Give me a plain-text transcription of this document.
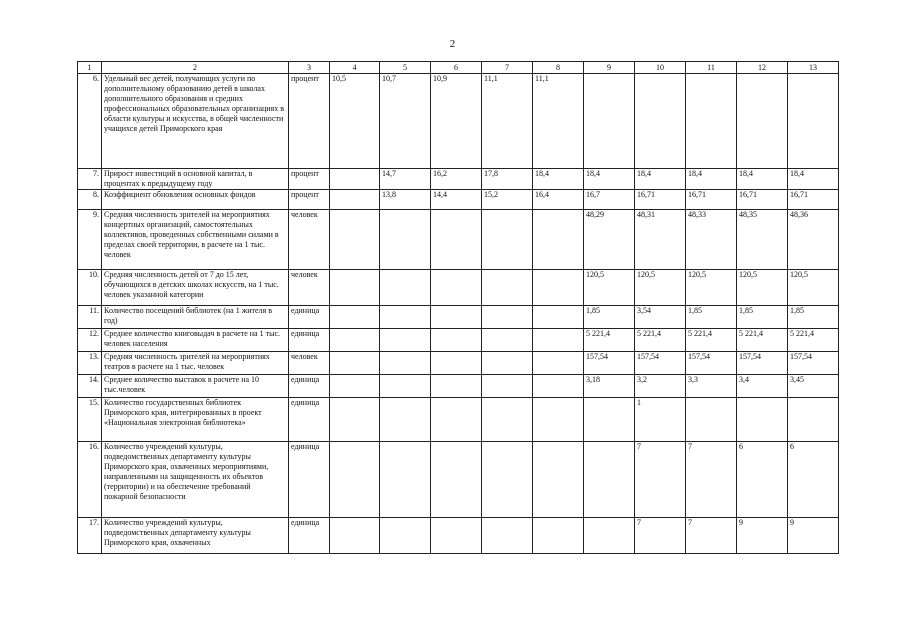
2
1	2	3	4	5	6	7	8	9	10	11	12	13
6.	Удельный вес детей, получающих услуги по дополнительному образованию детей в школах дополнительного образования и средних профессиональных образовательных организациях в области культуры и искусства, в общей численности учащихся детей Приморского края	процент	10,5	10,7	10,9	11,1	11,1					
7.	Прирост инвестиций в основной капитал, в процентах к предыдущему году	процент		14,7	16,2	17,8	18,4	18,4	18,4	18,4	18,4	18,4
8.	Коэффициент обновления основных фондов	процент		13,8	14,4	15,2	16,4	16,7	16,71	16,71	16,71	16,71
9.	Средняя численность зрителей на мероприятиях концертных организаций, самостоятельных коллективов, проведенных собственными силами в пределах своей территории, в расчете на 1 тыс. человек	человек						48,29	48,31	48,33	48,35	48,36
10.	Средняя численность детей от 7 до 15 лет, обучающихся в детских школах искусств, на 1 тыс. человек указанной категории	человек						120,5	120,5	120,5	120,5	120,5
11.	Количество посещений библиотек (на 1 жителя в год)	единица						1,85	3,54	1,85	1,85	1,85
12.	Среднее количество книговыдач в расчете на 1 тыс. человек населения	единица						5 221,4	5 221,4	5 221,4	5 221,4	5 221,4
13.	Средняя численность зрителей на мероприятиях театров в расчете на 1 тыс. человек	человек						157,54	157,54	157,54	157,54	157,54
14.	Среднее количество выставок в расчете на 10 тыс.человек	единица						3,18	3,2	3,3	3,4	3,45
15.	Количество государственных библиотек Приморского края, интегрированных в проект «Национальная электронная библиотека»	единица							1			
16.	Количество учреждений культуры, подведомственных департаменту культуры Приморского края, охваченных мероприятиями, направленными на защищенность их объектов (территории) и на обеспечение требований пожарной безопасности	единица							7	7	6	6
17.	Количество учреждений культуры, подведомственных департаменту культуры Приморского края, охваченных	единица							7	7	9	9
